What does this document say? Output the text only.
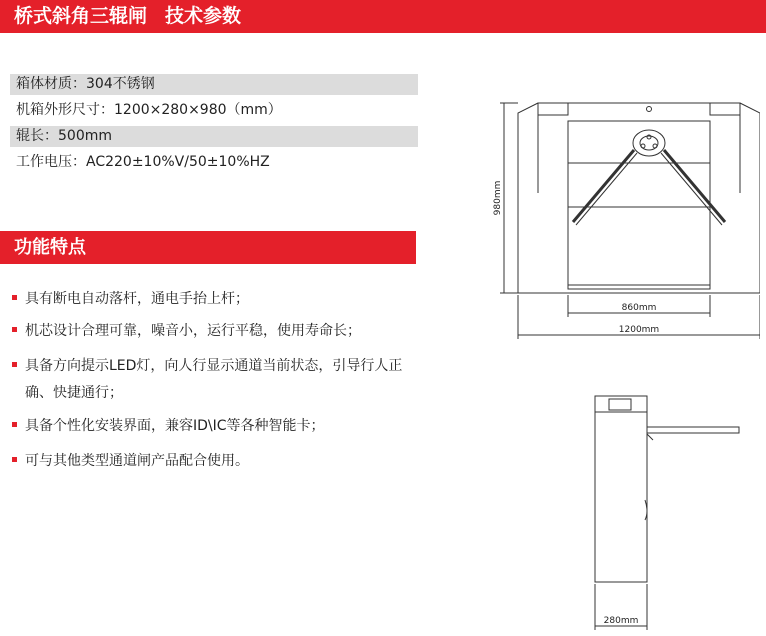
桥式斜角三辊闸 技术参数
箱体材质：304不锈钢
机箱外形尺寸：1200×280×980（mm）
辊长：500mm
工作电压：AC220±10%V/50±10%HZ
功能特点
具有断电自动落杆，通电手抬上杆；
机芯设计合理可靠，噪音小，运行平稳，使用寿命长；
具备方向提示LED灯，向人行显示通道当前状态，引导行人正
确、快捷通行；
具备个性化安装界面，兼容ID\IC等各种智能卡；
可与其他类型通道闸产品配合使用。
980mm
860mm
1200mm
280mm
